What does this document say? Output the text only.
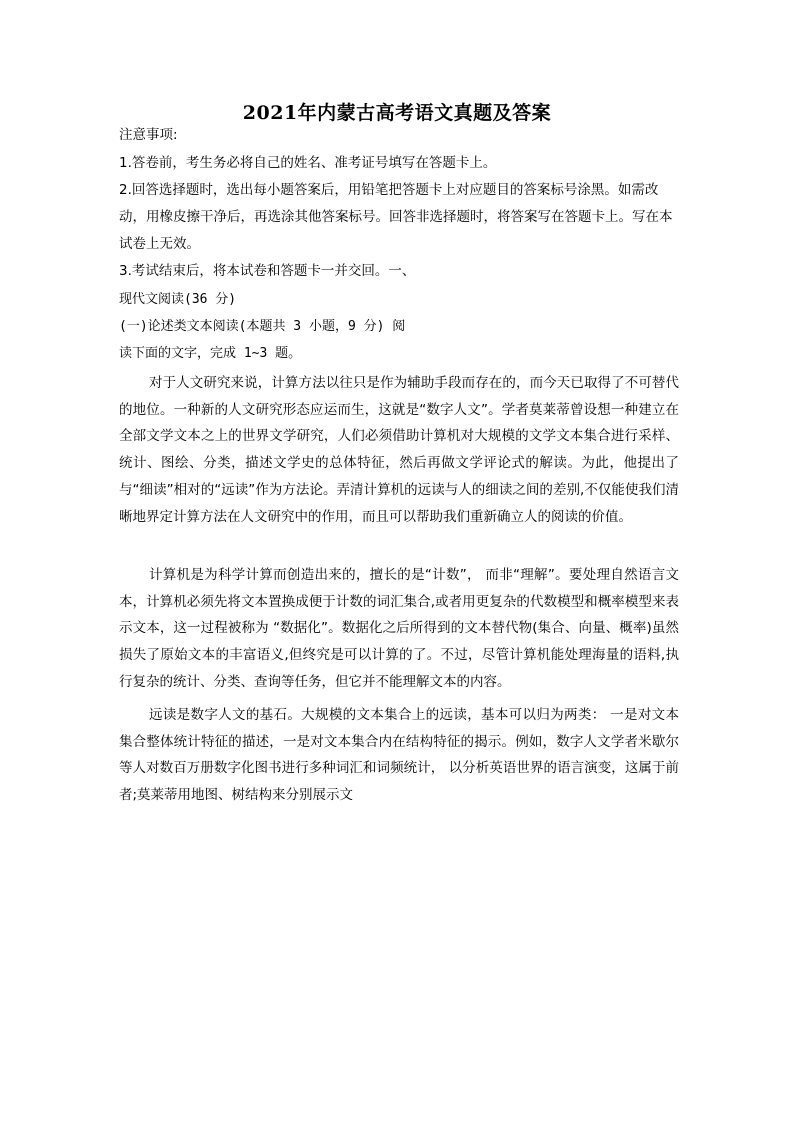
2021年内蒙古高考语文真题及答案
注意事项:
1.答卷前，考生务必将自己的姓名、准考证号填写在答题卡上。
2.回答选择题时，选出每小题答案后，用铅笔把答题卡上对应题目的答案标号涂黑。如需改
动，用橡皮擦干净后，再选涂其他答案标号。回答非选择题时，将答案写在答题卡上。写在本
试卷上无效。
3.考试结束后，将本试卷和答题卡一并交回。一、
现代文阅读(36 分)
(一)论述类文本阅读(本题共 3 小题，9 分) 阅
读下面的文字，完成 1~3 题。
对于人文研究来说，计算方法以往只是作为辅助手段而存在的，而今天已取得了不可替代的地位。一种新的人文研究形态应运而生，这就是“数字人文”。学者莫莱蒂曾设想一种建立在全部文学文本之上的世界文学研究，人们必须借助计算机对大规模的文学文本集合进行采样、统计、图绘、分类，描述文学史的总体特征，然后再做文学评论式的解读。为此，他提出了与“细读”相对的“远读”作为方法论。弄清计算机的远读与人的细读之间的差别,不仅能使我们清晰地界定计算方法在人文研究中的作用，而且可以帮助我们重新确立人的阅读的价值。
计算机是为科学计算而创造出来的，擅长的是“计数”， 而非“理解”。要处理自然语言文本，计算机必须先将文本置换成便于计数的词汇集合,或者用更复杂的代数模型和概率模型来表示文本，这一过程被称为 “数据化”。数据化之后所得到的文本替代物(集合、向量、概率)虽然损失了原始文本的丰富语义,但终究是可以计算的了。不过，尽管计算机能处理海量的语料,执行复杂的统计、分类、查询等任务，但它并不能理解文本的内容。
远读是数字人文的基石。大规模的文本集合上的远读，基本可以归为两类： 一是对文本集合整体统计特征的描述，一是对文本集合内在结构特征的揭示。例如，数字人文学者米歇尔等人对数百万册数字化图书进行多种词汇和词频统计， 以分析英语世界的语言演变，这属于前者;莫莱蒂用地图、树结构来分别展示文
